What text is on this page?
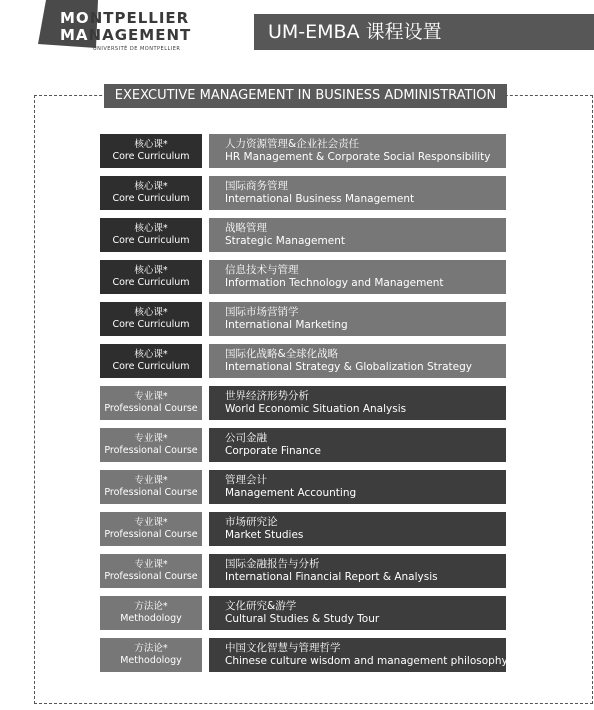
MONTPELLIER
MANAGEMENT
UNIVERSITÉ DE MONTPELLIER
UM-EMBA 课程设置
EXEXCUTIVE MANAGEMENT IN BUSINESS ADMINISTRATION
核心课*
Core Curriculum
人力资源管理&企业社会责任
HR Management & Corporate Social Responsibility
核心课*
Core Curriculum
国际商务管理
International Business Management
核心课*
Core Curriculum
战略管理
Strategic Management
核心课*
Core Curriculum
信息技术与管理
Information Technology and Management
核心课*
Core Curriculum
国际市场营销学
International Marketing
核心课*
Core Curriculum
国际化战略&全球化战略
International Strategy & Globalization Strategy
专业课*
Professional Course
世界经济形势分析
World Economic Situation Analysis
专业课*
Professional Course
公司金融
Corporate Finance
专业课*
Professional Course
管理会计
Management Accounting
专业课*
Professional Course
市场研究论
Market Studies
专业课*
Professional Course
国际金融报告与分析
International Financial Report & Analysis
方法论*
Methodology
文化研究&游学
Cultural Studies & Study Tour
方法论*
Methodology
中国文化智慧与管理哲学
Chinese culture wisdom and management philosophy
